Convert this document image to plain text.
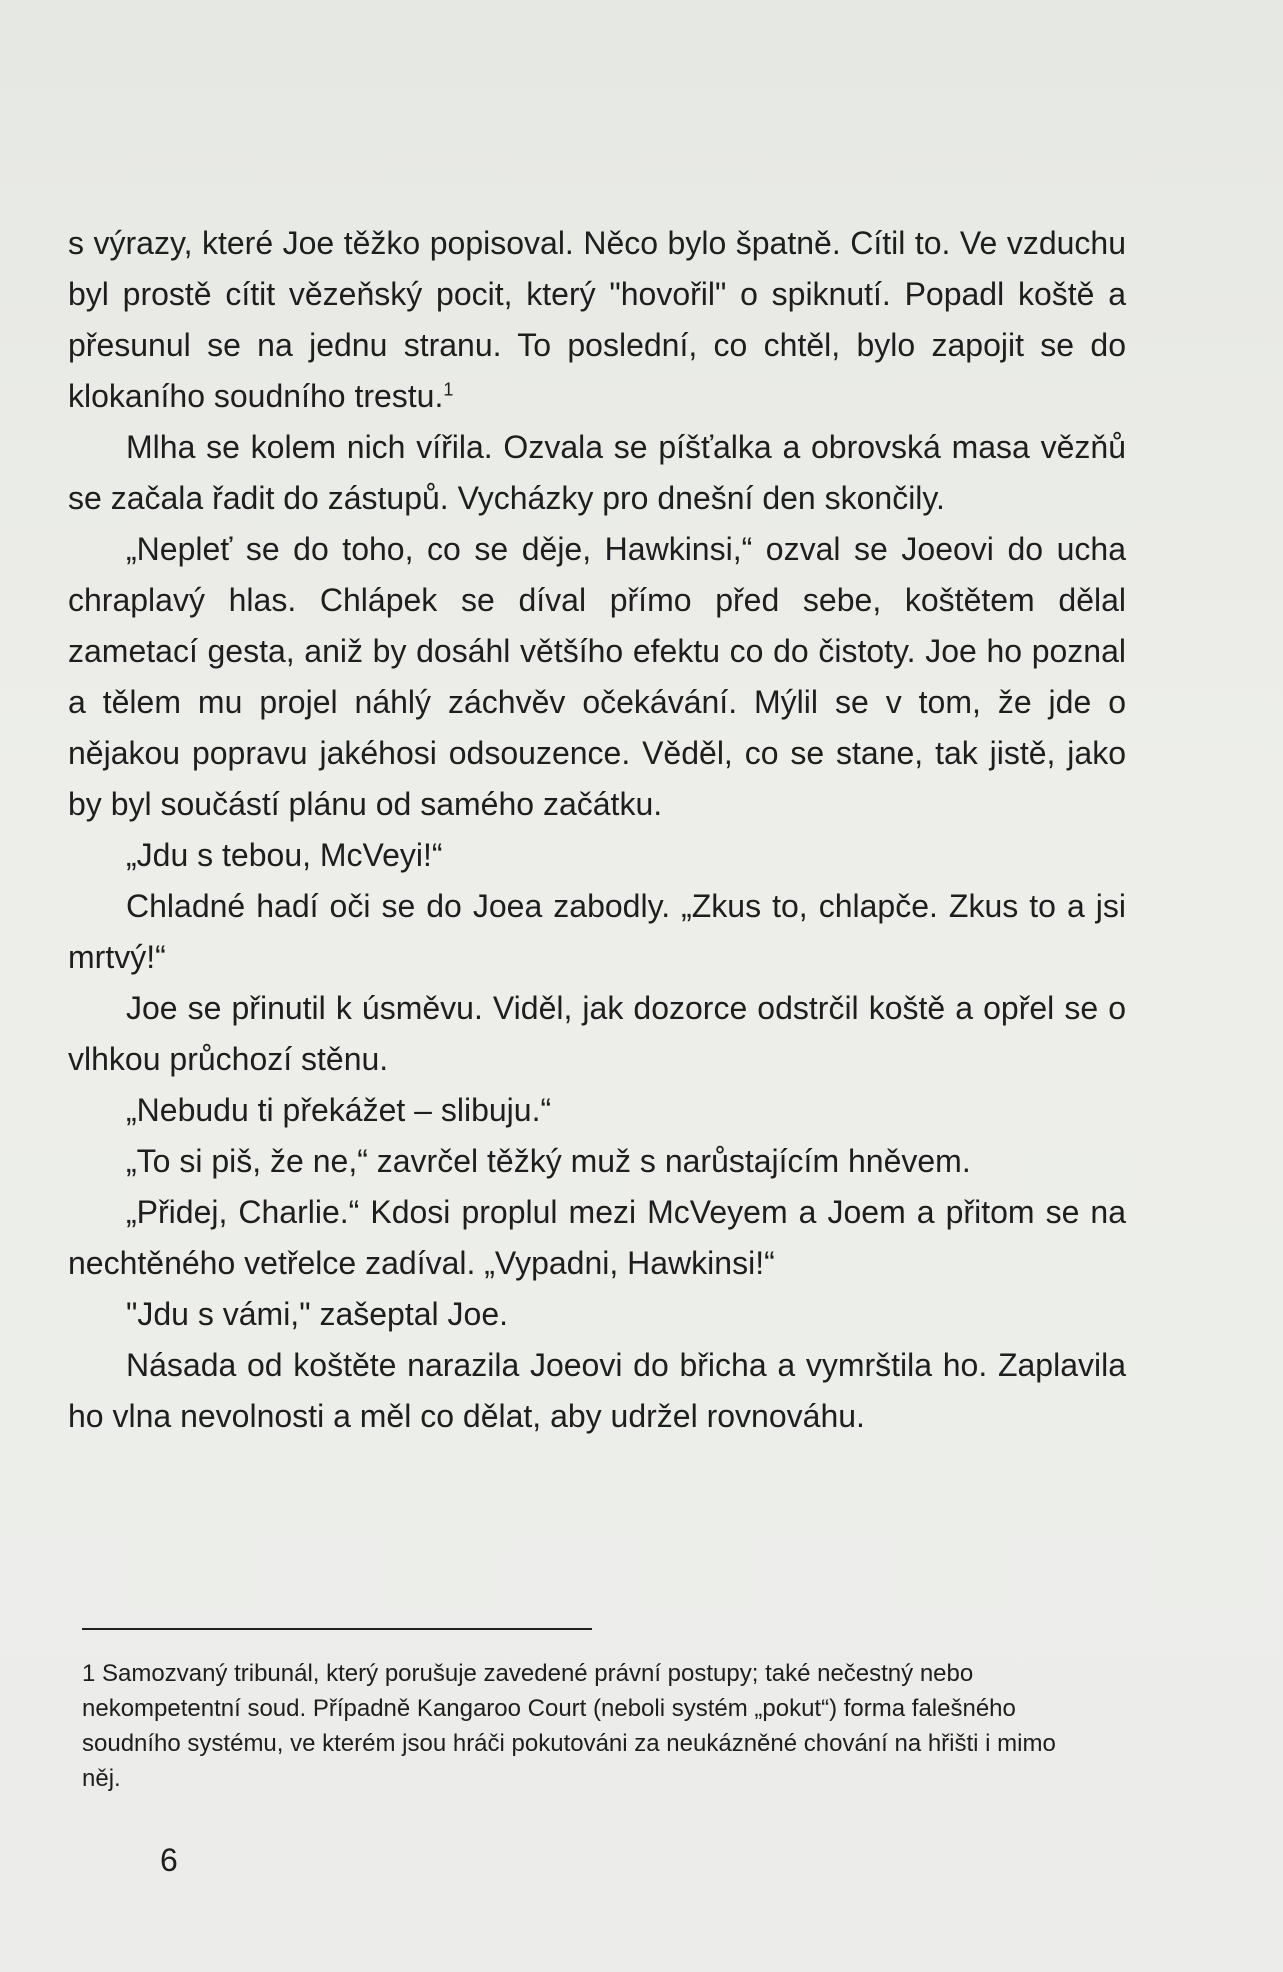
s výrazy, které Joe těžko popisoval. Něco bylo špatně. Cítil to. Ve vzduchu byl prostě cítit vězeňský pocit, který "hovořil" o spiknutí. Popadl koště a přesunul se na jednu stranu. To poslední, co chtěl, bylo zapojit se do klokaního soudního trestu.$^1$

Mlha se kolem nich vířila. Ozvala se píšťalka a obrovská masa vězňů se začala řadit do zástupů. Vycházky pro dnešní den skončily.

„Nepleť se do toho, co se děje, Hawkinsi,“ ozval se Joeovi do ucha chraplavý hlas. Chlápek se díval přímo před sebe, koštětem dělal zametací gesta, aniž by dosáhl většího efektu co do čistoty. Joe ho poznal a tělem mu projel náhlý záchvěv očekávání. Mýlil se v tom, že jde o nějakou popravu jakéhosi odsouzence. Věděl, co se stane, tak jistě, jako by byl součástí plánu od samého začátku.

„Jdu s tebou, McVeyi!“

Chladné hadí oči se do Joea zabodly. „Zkus to, chlapče. Zkus to a jsi mrtvý!“

Joe se přinutil k úsměvu. Viděl, jak dozorce odstrčil koště a opřel se o vlhkou průchozí stěnu.

„Nebudu ti překážet – slibuju.“

„To si piš, že ne,“ zavrčel těžký muž s narůstajícím hněvem.

„Přidej, Charlie.“ Kdosi proplul mezi McVeyem a Joem a přitom se na nechtěného vetřelce zadíval. „Vypadni, Hawkinsi!“

"Jdu s vámi," zašeptal Joe.

Násada od koštěte narazila Joeovi do břicha a vymrštila ho. Zaplavila ho vlna nevolnosti a měl co dělat, aby udržel rovnováhu.

1 Samozvaný tribunál, který porušuje zavedené právní postupy; také nečestný nebo nekompetentní soud. Případně Kangaroo Court (neboli systém „pokut“) forma falešného soudního systému, ve kterém jsou hráči pokutováni za neukázněné chování na hřišti i mimo něj.

6
